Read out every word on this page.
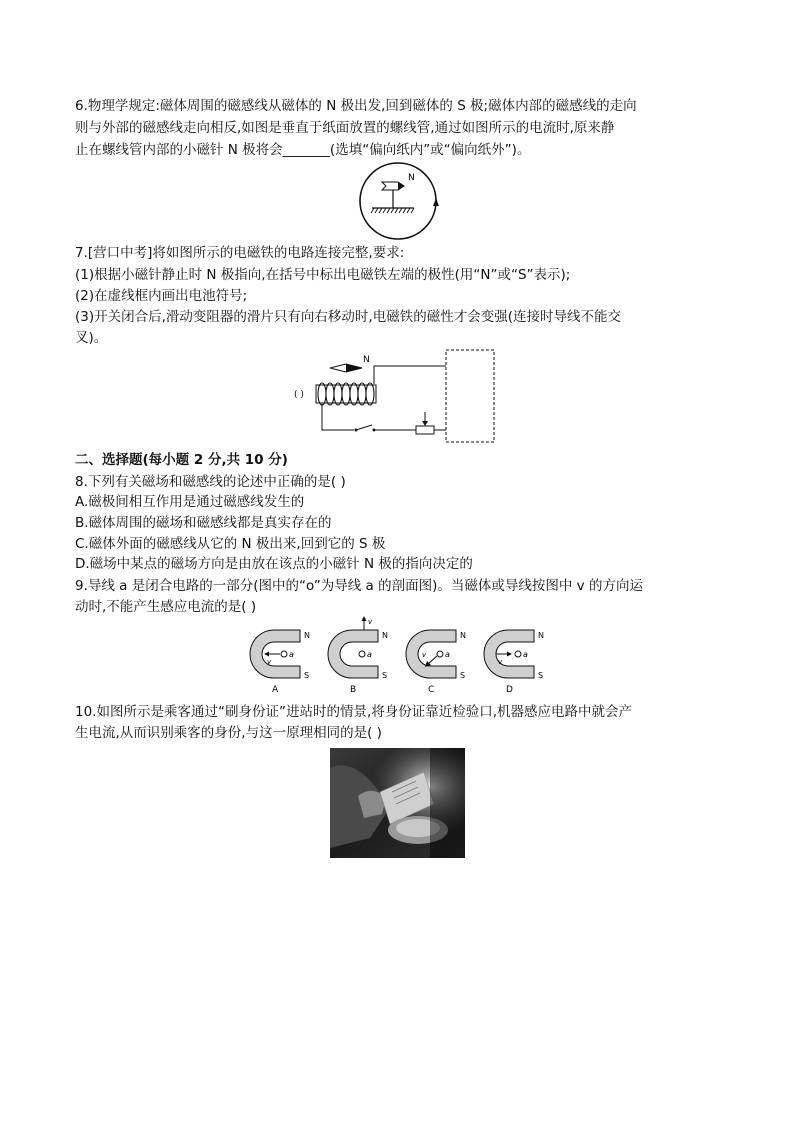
6.物理学规定:磁体周围的磁感线从磁体的 N 极出发,回到磁体的 S 极;磁体内部的磁感线的走向
则与外部的磁感线走向相反,如图是垂直于纸面放置的螺线管,通过如图所示的电流时,原来静
止在螺线管内部的小磁针 N 极将会_______(选填“偏向纸内”或“偏向纸外”)。
N
7.[营口中考]将如图所示的电磁铁的电路连接完整,要求:
(1)根据小磁针静止时 N 极指向,在括号中标出电磁铁左端的极性(用“N”或“S”表示);
(2)在虚线框内画出电池符号;
(3)开关闭合后,滑动变阻器的滑片只有向右移动时,电磁铁的磁性才会变强(连接时导线不能交
叉)。
N
( )
二、选择题(每小题 2 分,共 10 分)
8.下列有关磁场和磁感线的论述中正确的是( )
A.磁极间相互作用是通过磁感线发生的
B.磁体周围的磁场和磁感线都是真实存在的
C.磁体外面的磁感线从它的 N 极出来,回到它的 S 极
D.磁场中某点的磁场方向是由放在该点的小磁针 N 极的指向决定的
9.导线 a 是闭合电路的一部分(图中的“o”为导线 a 的剖面图)。当磁体或导线按图中 v 的方向运
动时,不能产生感应电流的是( )
N
S
a
v
A
N
S
a
v
B
N
S
a
v
C
N
S
a
v
D
10.如图所示是乘客通过“刷身份证”进站时的情景,将身份证靠近检验口,机器感应电路中就会产
生电流,从而识别乘客的身份,与这一原理相同的是( )
